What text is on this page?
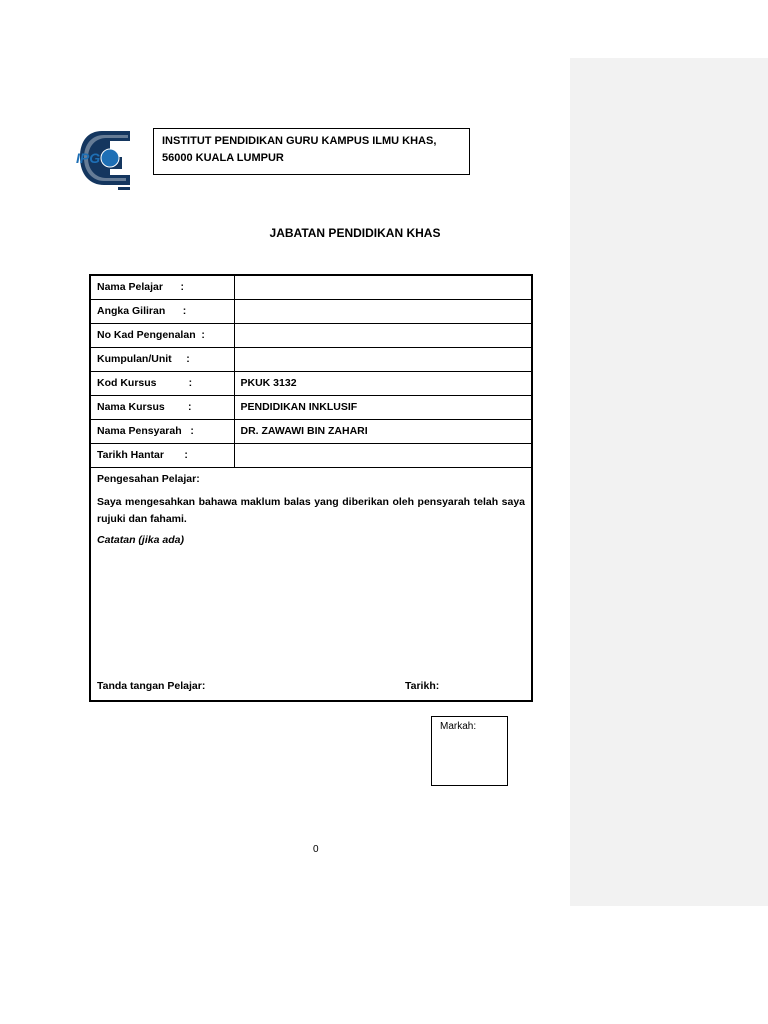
IPG
INSTITUT PENDIDIKAN GURU KAMPUS ILMU KHAS,
56000 KUALA LUMPUR
JABATAN PENDIDIKAN KHAS
Nama Pelajar      :	
Angka Giliran      :	
No Kad Pengenalan  :	
Kumpulan/Unit     :	
Kod Kursus           :	PKUK 3132
Nama Kursus        :	PENDIDIKAN INKLUSIF
Nama Pensyarah   :	DR. ZAWAWI BIN ZAHARI
Tarikh Hantar       :	

Pengesahan Pelajar:
Saya mengesahkan bahawa maklum balas yang diberikan oleh pensyarah telah saya rujuki dan fahami.
Catatan (jika ada)
Tanda tangan Pelajar: Tarikh:	
Markah:
0
